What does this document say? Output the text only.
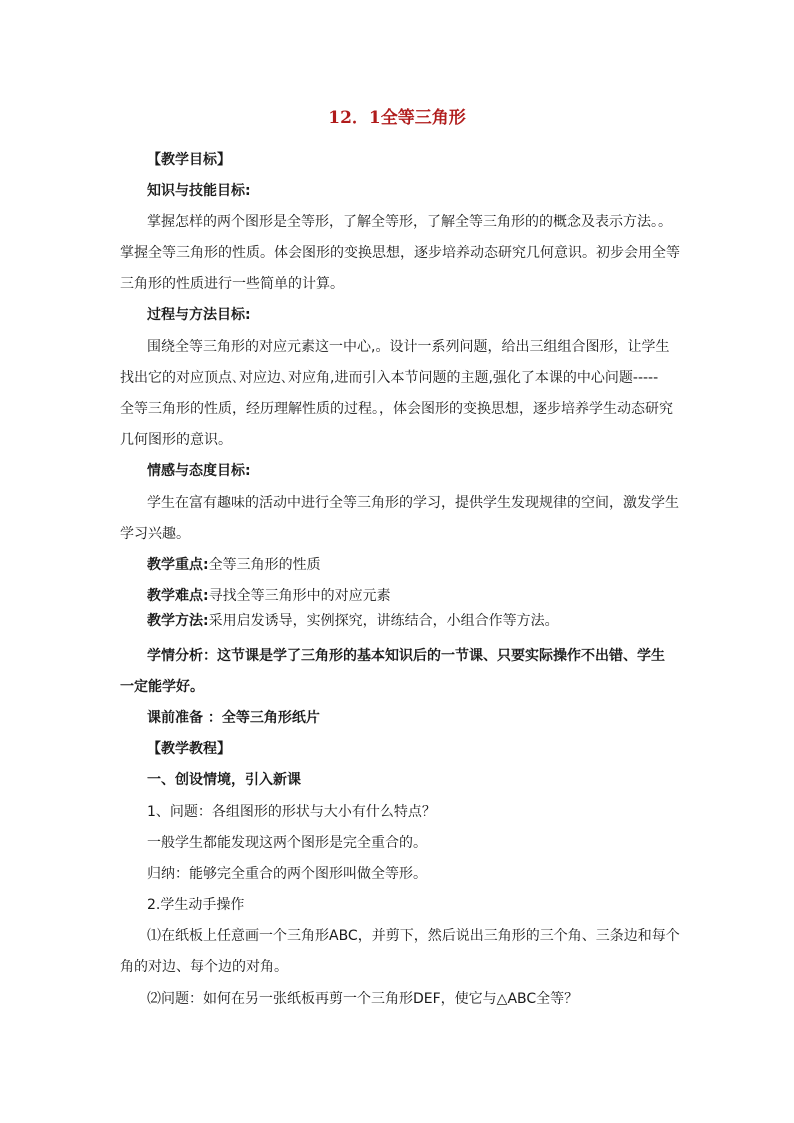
12．1全等三角形
【教学目标】
知识与技能目标:
掌握怎样的两个图形是全等形，了解全等形，了解全等三角形的的概念及表示方法。。
掌握全等三角形的性质。体会图形的变换思想，逐步培养动态研究几何意识。初步会用全等
三角形的性质进行一些简单的计算。
过程与方法目标:
围绕全等三角形的对应元素这一中心,。设计一系列问题，给出三组组合图形，让学生
找出它的对应顶点､对应边､对应角,进而引入本节问题的主题,强化了本课的中心问题-----
全等三角形的性质，经历理解性质的过程。，体会图形的变换思想，逐步培养学生动态研究
几何图形的意识。
情感与态度目标:
学生在富有趣味的活动中进行全等三角形的学习，提供学生发现规律的空间，激发学生
学习兴趣。
教学重点:全等三角形的性质
教学难点:寻找全等三角形中的对应元素
教学方法:采用启发诱导，实例探究，讲练结合，小组合作等方法。
学情分析：这节课是学了三角形的基本知识后的一节课、只要实际操作不出错、学生
一定能学好。
课前准备 ：全等三角形纸片
【教学教程】
一、创设情境，引入新课
1、问题：各组图形的形状与大小有什么特点？
一般学生都能发现这两个图形是完全重合的。
归纳：能够完全重合的两个图形叫做全等形。
2.学生动手操作
⑴在纸板上任意画一个三角形ABC，并剪下，然后说出三角形的三个角、三条边和每个
角的对边、每个边的对角。
⑵问题：如何在另一张纸板再剪一个三角形DEF，使它与△ABC全等？
